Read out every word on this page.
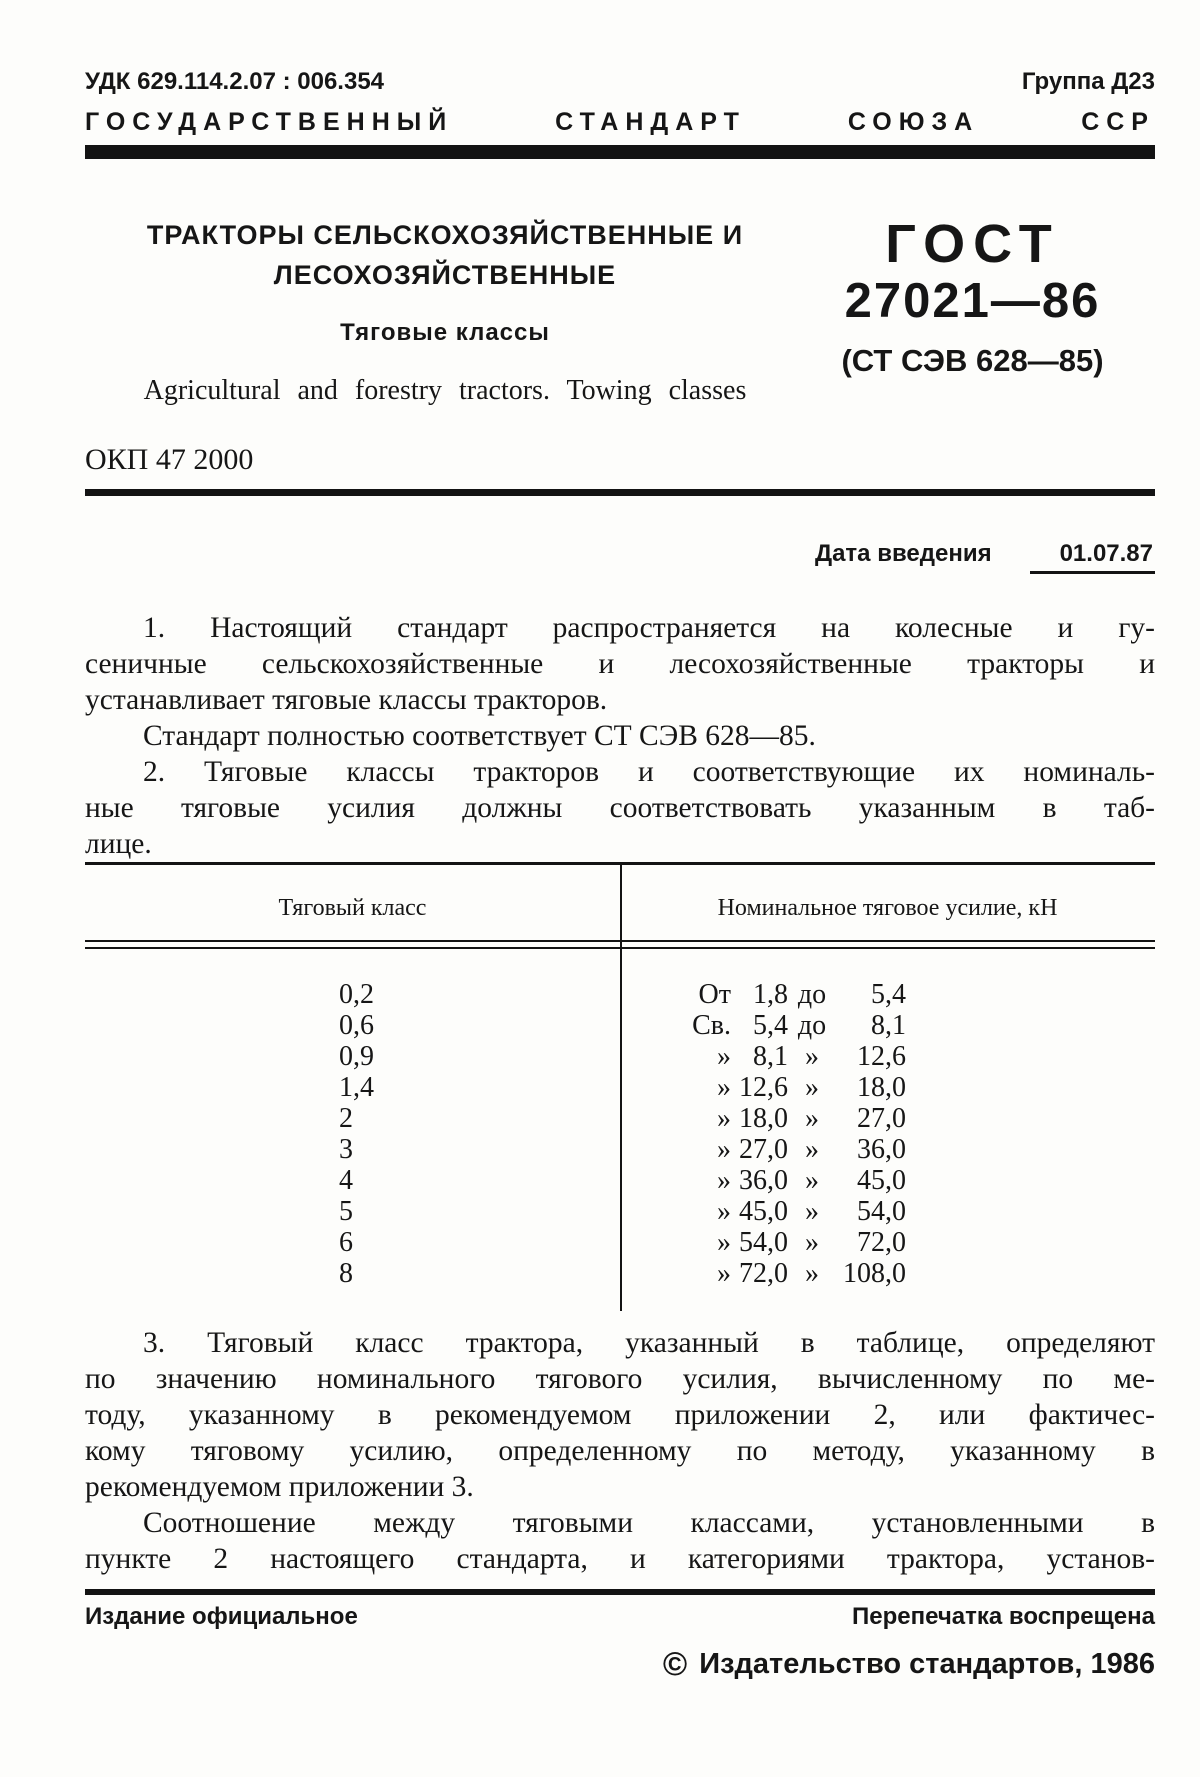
УДК 629.114.2.07 : 006.354	Группа Д23
ГОСУДАРСТВЕННЫЙ СТАНДАРТ СОЮЗА ССР
ТРАКТОРЫ СЕЛЬСКОХОЗЯЙСТВЕННЫЕ И
ЛЕСОХОЗЯЙСТВЕННЫЕ
Тяговые классы
Agricultural and forestry tractors. Towing classes
ГОСТ
27021—86
(СТ СЭВ 628—85)
ОКП 47 2000
Дата введения	01.07.87
1. Настоящий стандарт распространяется на колесные и гу-
сеничные сельскохозяйственные и лесохозяйственные тракторы и
устанавливает тяговые классы тракторов.
Стандарт полностью соответствует СТ СЭВ 628—85.
2. Тяговые классы тракторов и соответствующие их номиналь-
ные тяговые усилия должны соответствовать указанным в таб-
лице.
Тяговый класс	Номинальное тяговое усилие, кН
0,2	От 1,8 до	5,4
0,6	Св. 5,4 до	8,1
0,9	» 8,1 »	12,6
1,4	» 12,6 »	18,0
2	» 18,0 »	27,0
3	» 27,0 »	36,0
4	» 36,0 »	45,0
5	» 45,0 »	54,0
6	» 54,0 »	72,0
8	» 72,0 » 108,0
3. Тяговый класс трактора, указанный в таблице, определяют
по значению номинального тягового усилия, вычисленному по ме-
тоду, указанному в рекомендуемом приложении 2, или фактичес-
кому тяговому усилию, определенному по методу, указанному в
рекомендуемом приложении 3.
Соотношение между тяговыми классами, установленными в
пункте 2 настоящего стандарта, и категориями трактора, установ-
Издание официальное	Перепечатка воспрещена
© Издательство стандартов, 1986
